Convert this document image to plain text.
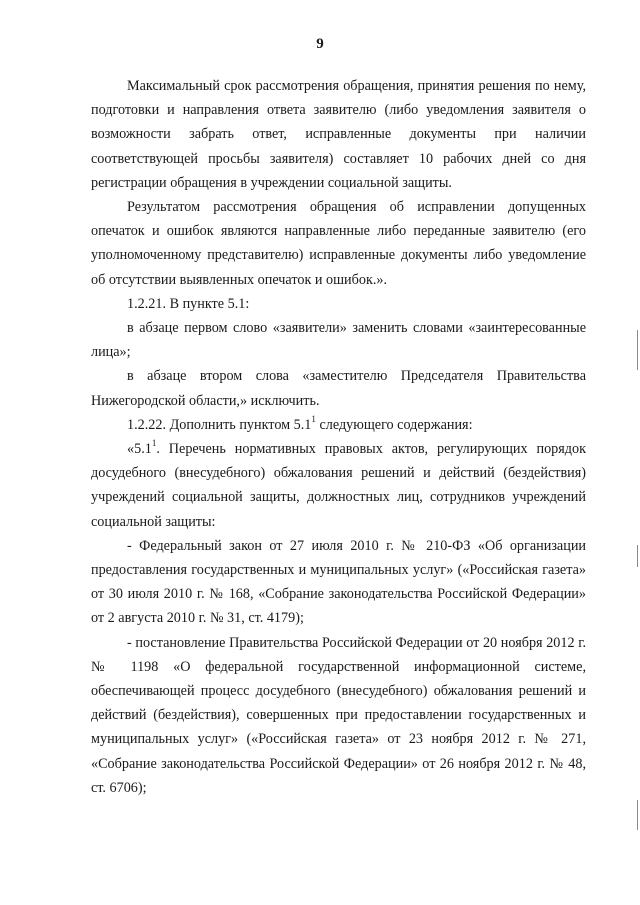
9

Максимальный срок рассмотрения обращения, принятия решения по нему, подготовки и направления ответа заявителю (либо уведомления заявителя о возможности забрать ответ, исправленные документы при наличии соответствующей просьбы заявителя) составляет 10 рабочих дней со дня регистрации обращения в учреждении социальной защиты.

Результатом рассмотрения обращения об исправлении допущенных опечаток и ошибок являются направленные либо переданные заявителю (его уполномоченному представителю) исправленные документы либо уведомление об отсутствии выявленных опечаток и ошибок.».

1.2.21. В пункте 5.1:

в абзаце первом слово «заявители» заменить словами «заинтересованные лица»;

в абзаце втором слова «заместителю Председателя Правительства Нижегородской области,» исключить.

1.2.22. Дополнить пунктом $5.1^1$ следующего содержания:

«$5.1^1$. Перечень нормативных правовых актов, регулирующих порядок досудебного (внесудебного) обжалования решений и действий (бездействия) учреждений социальной защиты, должностных лиц, сотрудников учреждений социальной защиты:

- Федеральный закон от 27 июля 2010 г. № 210-ФЗ «Об организации предоставления государственных и муниципальных услуг» («Российская газета» от 30 июля 2010 г. № 168, «Собрание законодательства Российской Федерации» от 2 августа 2010 г. № 31, ст. 4179);

- постановление Правительства Российской Федерации от 20 ноября 2012 г. № 1198 «О федеральной государственной информационной системе, обеспечивающей процесс досудебного (внесудебного) обжалования решений и действий (бездействия), совершенных при предоставлении государственных и муниципальных услуг» («Российская газета» от 23 ноября 2012 г. № 271, «Собрание законодательства Российской Федерации» от 26 ноября 2012 г. № 48, ст. 6706);
